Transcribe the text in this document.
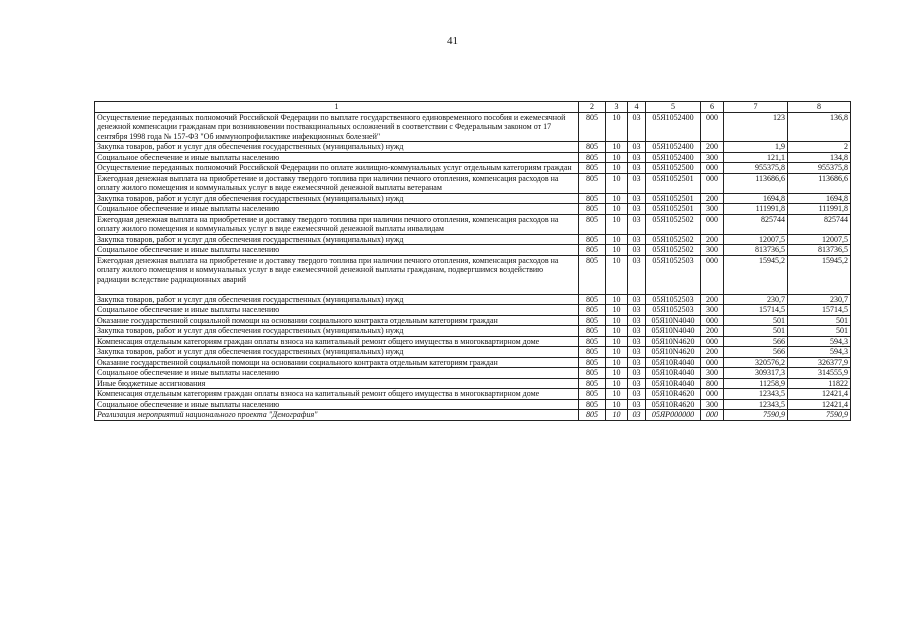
41
1	2	3	4	5	6	7	8
Осуществление переданных полномочий Российской Федерации по выплате государственного единовременного пособия и ежемесячной денежной компенсации гражданам при возникновении поствакцинальных осложнений в соответствии с Федеральным законом от 17 сентября 1998 года № 157-ФЗ "Об иммунопрофилактике инфекционных болезней"	805	10	03	05Я1052400	000	123	136,8
Закупка товаров, работ и услуг для обеспечения государственных (муниципальных) нужд	805	10	03	05Я1052400	200	1,9	2
Социальное обеспечение и иные выплаты населению	805	10	03	05Я1052400	300	121,1	134,8
Осуществление переданных полномочий Российской Федерации по оплате жилищно-коммунальных услуг отдельным категориям граждан	805	10	03	05Я1052500	000	955375,8	955375,8
Ежегодная денежная выплата на приобретение и доставку твердого топлива при наличии печного отопления, компенсация расходов на оплату жилого помещения и коммунальных услуг в виде ежемесячной денежной выплаты ветеранам	805	10	03	05Я1052501	000	113686,6	113686,6
Закупка товаров, работ и услуг для обеспечения государственных (муниципальных) нужд	805	10	03	05Я1052501	200	1694,8	1694,8
Социальное обеспечение и иные выплаты населению	805	10	03	05Я1052501	300	111991,8	111991,8
Ежегодная денежная выплата на приобретение и доставку твердого топлива при наличии печного отопления, компенсация расходов на оплату жилого помещения и коммунальных услуг в виде ежемесячной денежной выплаты инвалидам	805	10	03	05Я1052502	000	825744	825744
Закупка товаров, работ и услуг для обеспечения государственных (муниципальных) нужд	805	10	03	05Я1052502	200	12007,5	12007,5
Социальное обеспечение и иные выплаты населению	805	10	03	05Я1052502	300	813736,5	813736,5
Ежегодная денежная выплата на приобретение и доставку твердого топлива при наличии печного отопления, компенсация расходов на оплату жилого помещения и коммунальных услуг в виде ежемесячной денежной выплаты гражданам, подвергшимся воздействию радиации вследствие радиационных аварий	805	10	03	05Я1052503	000	15945,2	15945,2
Закупка товаров, работ и услуг для обеспечения государственных (муниципальных) нужд	805	10	03	05Я1052503	200	230,7	230,7
Социальное обеспечение и иные выплаты населению	805	10	03	05Я1052503	300	15714,5	15714,5
Оказание государственной социальной помощи на основании социального контракта отдельным категориям граждан	805	10	03	05Я10N4040	000	501	501
Закупка товаров, работ и услуг для обеспечения государственных (муниципальных) нужд	805	10	03	05Я10N4040	200	501	501
Компенсация отдельным категориям граждан оплаты взноса на капитальный ремонт общего имущества в многоквартирном доме	805	10	03	05Я10N4620	000	566	594,3
Закупка товаров, работ и услуг для обеспечения государственных (муниципальных) нужд	805	10	03	05Я10N4620	200	566	594,3
Оказание государственной социальной помощи на основании социального контракта отдельным категориям граждан	805	10	03	05Я10R4040	000	320576,2	326377,9
Социальное обеспечение и иные выплаты населению	805	10	03	05Я10R4040	300	309317,3	314555,9
Иные бюджетные ассигнования	805	10	03	05Я10R4040	800	11258,9	11822
Компенсация отдельным категориям граждан оплаты взноса на капитальный ремонт общего имущества в многоквартирном доме	805	10	03	05Я10R4620	000	12343,5	12421,4
Социальное обеспечение и иные выплаты населению	805	10	03	05Я10R4620	300	12343,5	12421,4
Реализация мероприятий национального проекта "Демография"	805	10	03	05ЯP000000	000	7590,9	7590,9
